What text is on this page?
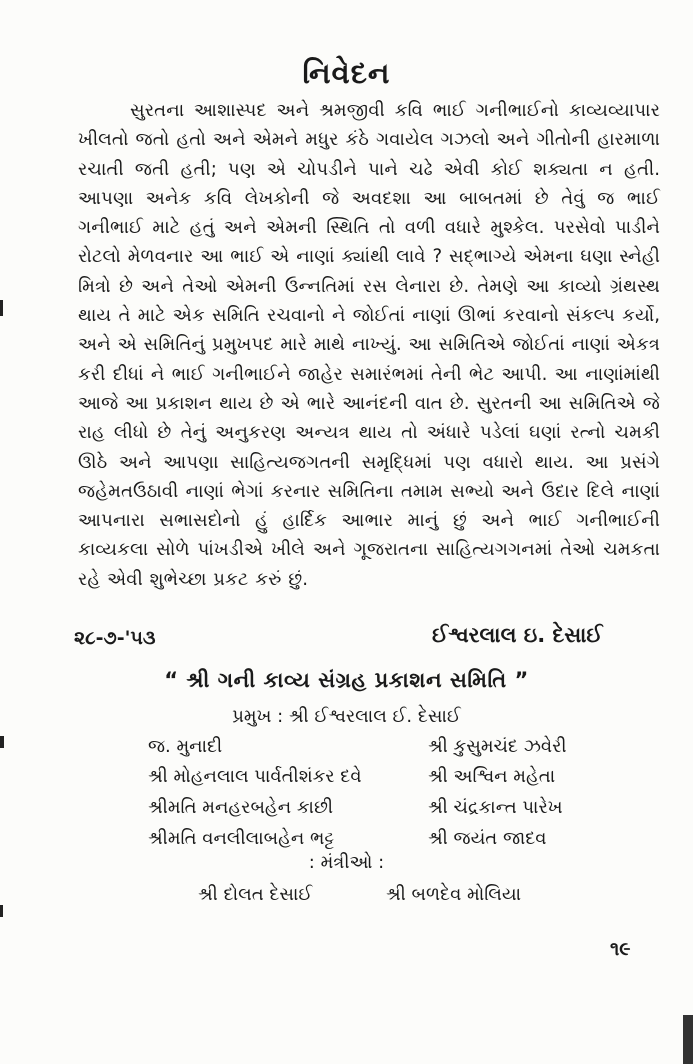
નિવેદન

સુરતના આશાસ્પદ અને શ્રમજીવી કવિ ભાઈ ગનીભાઈનો કાવ્યવ્યાપાર ખીલતો જતો હતો અને એમને મધુર કંઠે ગવાયેલ ગઝલો અને ગીતોની હારમાળા રચાતી જતી હતી; પણ એ ચોપડીને પાને ચઢે એવી કોઈ શક્યતા ન હતી. આપણા અનેક કવિ લેખકોની જે અવદશા આ બાબતમાં છે તેવું જ ભાઈ ગનીભાઈ માટે હતું અને એમની સ્થિતિ તો વળી વધારે મુશ્કેલ. પરસેવો પાડીને રોટલો મેળવનાર આ ભાઈ એ નાણાં ક્યાંથી લાવે ? સદ્ભાગ્યે એમના ઘણા સ્નેહી મિત્રો છે અને તેઓ એમની ઉન્નતિમાં રસ લેનારા છે. તેમણે આ કાવ્યો ગ્રંથસ્થ થાય તે માટે એક સમિતિ રચવાનો ને જોઈતાં નાણાં ઊભાં કરવાનો સંકલ્પ કર્યો, અને એ સમિતિનું પ્રમુખપદ મારે માથે નાખ્યું. આ સમિતિએ જોઈતાં નાણાં એકત્ર કરી દીધાં ને ભાઈ ગનીભાઈને જાહેર સમારંભમાં તેની ભેટ આપી. આ નાણાંમાંથી આજે આ પ્રકાશન થાય છે એ ભારે આનંદની વાત છે. સુરતની આ સમિતિએ જે રાહ લીધો છે તેનું અનુકરણ અન્યત્ર થાય તો અંધારે પડેલાં ઘણાં રત્નો ચમકી ઊઠે અને આપણા સાહિત્યજગતની સમૃદ્ધિમાં પણ વધારો થાય. આ પ્રસંગે જહેમતઉઠાવી નાણાં ભેગાં કરનાર સમિતિના તમામ સભ્યો અને ઉદાર દિલે નાણાં આપનારા સભાસદોનો હું હાર્દિક આભાર માનું છું અને ભાઈ ગનીભાઈની કાવ્યકલા સોળે પાંખડીએ ખીલે અને ગૂજરાતના સાહિત્યગગનમાં તેઓ ચમકતા રહે એવી શુભેચ્છા પ્રકટ કરું છું.

૨૮-૭-'૫૩	ઈશ્વરલાલ ઇ. દેસાઈ
“ શ્રી ગની કાવ્ય સંગ્રહ પ્રકાશન સમિતિ ”
પ્રમુખ : શ્રી ઈશ્વરલાલ ઈ. દેસાઈ
જ. મુનાદી	શ્રી કુસુમચંદ ઝવેરી
શ્રી મોહનલાલ પાર્વતીશંકર દવે	શ્રી અશ્વિન મહેતા
શ્રીમતિ મનહરબહેન કાછી	શ્રી ચંદ્રકાન્ત પારેખ
શ્રીમતિ વનલીલાબહેન ભટ્ટ	શ્રી જયંત જાદવ
: મંત્રીઓ :
શ્રી દોલત દેસાઈ	શ્રી બળદેવ મોલિયા
૧૯
